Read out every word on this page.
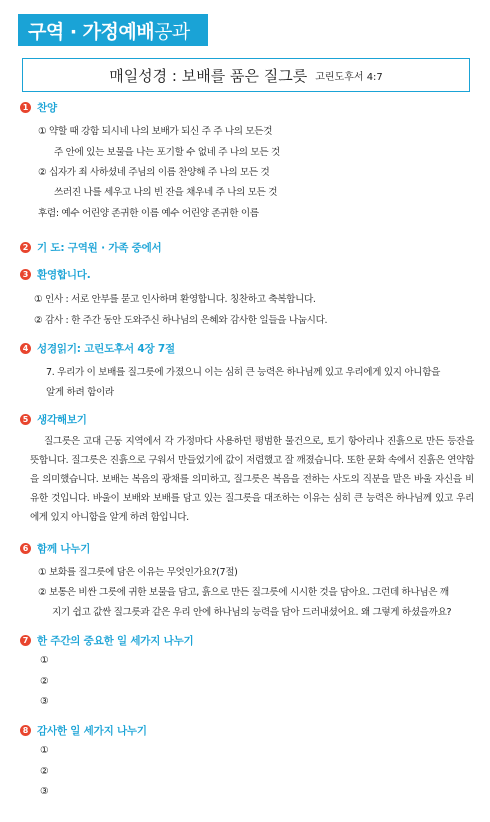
구역 · 가정예배공과
매일성경 : 보배를 품은 질그릇 고린도후서 4:7
1 찬양
① 약할 때 강함 되시네 나의 보배가 되신 주 주 나의 모든것
주 안에 있는 보물을 나는 포기할 수 없네 주 나의 모든 것
② 십자가 죄 사하셨네 주님의 이름 찬양해 주 나의 모든 것
쓰러진 나를 세우고 나의 빈 잔을 채우네 주 나의 모든 것
후렴: 예수 어린양 존귀한 이름 예수 어린양 존귀한 이름
2 기 도: 구역원 · 가족 중에서
3 환영합니다.
① 인사 : 서로 안부를 묻고 인사하며 환영합니다. 칭찬하고 축복합니다.
② 감사 : 한 주간 동안 도와주신 하나님의 은혜와 감사한 일들을 나눕시다.
4 성경읽기: 고린도후서 4장 7절
7. 우리가 이 보배를 질그릇에 가졌으니 이는 심히 큰 능력은 하나님께 있고 우리에게 있지 아니함을
알게 하려 함이라
5 생각해보기
질그릇은 고대 근동 지역에서 각 가정마다 사용하던 평범한 물건으로, 토기 항아리나 진흙으로 만든 등잔을 뜻합니다. 질그릇은 진흙으로 구워서 만들었기에 값이 저렴했고 잘 깨졌습니다. 또한 문화 속에서 진흙은 연약함을 의미했습니다. 보배는 복음의 광채를 의미하고, 질그릇은 복음을 전하는 사도의 직분을 맡은 바울 자신을 비유한 것입니다. 바울이 보배와 보배를 담고 있는 질그릇을 대조하는 이유는 심히 큰 능력은 하나님께 있고 우리에게 있지 아니함을 알게 하려 함입니다.
6 함께 나누기
① 보화를 질그릇에 담은 이유는 무엇인가요?(7절)
② 보통은 비싼 그릇에 귀한 보물을 담고, 흙으로 만든 질그릇에 시시한 것을 담아요. 그런데 하나님은 깨
지기 쉽고 값싼 질그릇과 같은 우리 안에 하나님의 능력을 담아 드러내셨어요. 왜 그렇게 하셨을까요?
7 한 주간의 중요한 일 세가지 나누기
①
②
③
8 감사한 일 세가지 나누기
①
②
③
